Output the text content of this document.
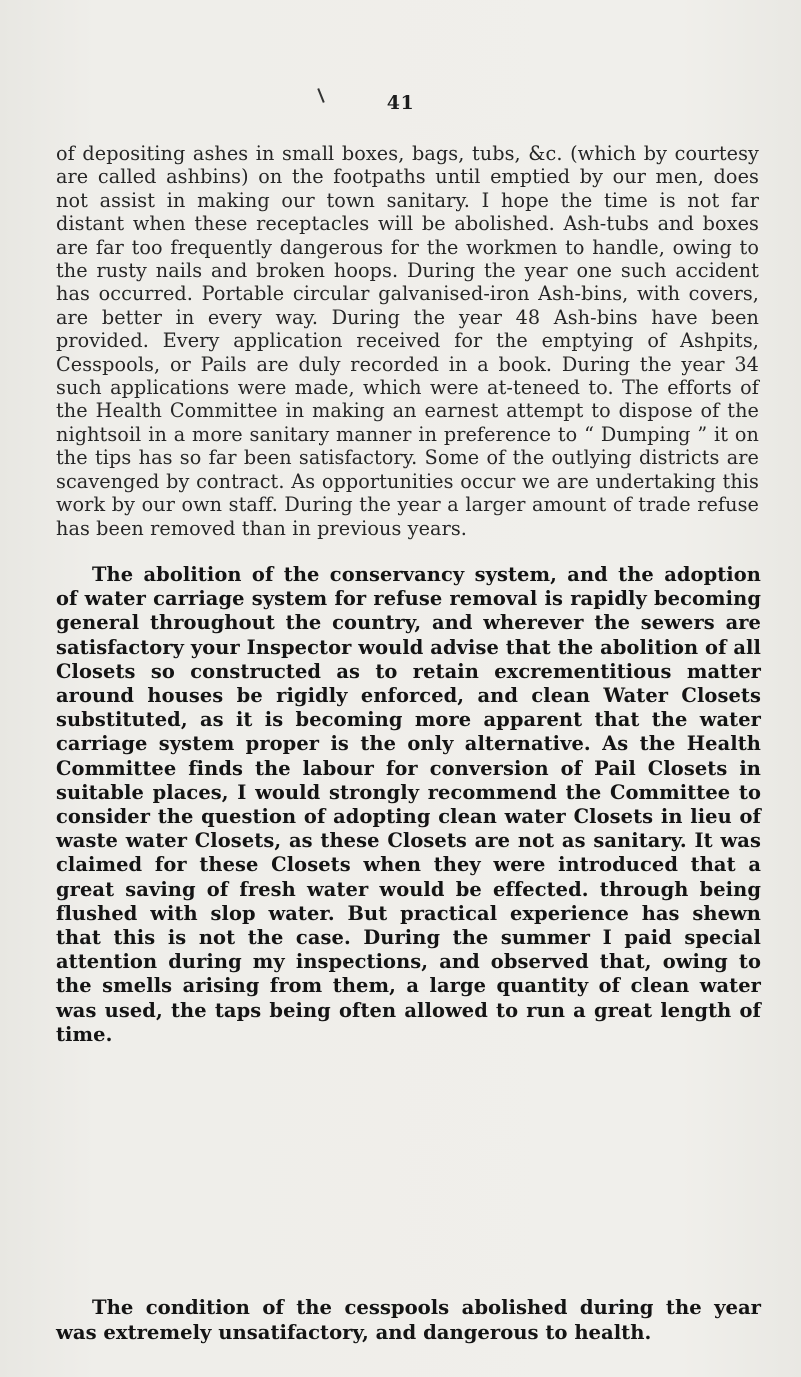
41

of depositing ashes in small boxes, bags, tubs, &c. (which by courtesy are called ashbins) on the footpaths until emptied by our men, does not assist in making our town sanitary. I hope the time is not far distant when these receptacles will be abolished. Ash-tubs and boxes are far too frequently dangerous for the workmen to handle, owing to the rusty nails and broken hoops. During the year one such accident has occurred. Portable circular galvanised-iron Ash-bins, with covers, are better in every way. During the year 48 Ash-bins have been provided. Every application received for the emptying of Ashpits, Cesspools, or Pails are duly recorded in a book. During the year 34 such applications were made, which were at-teneed to. The efforts of the Health Committee in making an earnest attempt to dispose of the nightsoil in a more sanitary manner in preference to “ Dumping ” it on the tips has so far been satisfactory. Some of the outlying districts are scavenged by contract. As opportunities occur we are undertaking this work by our own staff. During the year a larger amount of trade refuse has been removed than in previous years.

The abolition of the conservancy system, and the adoption of water carriage system for refuse removal is rapidly becoming general throughout the country, and wherever the sewers are satisfactory your Inspector would advise that the abolition of all Closets so constructed as to retain excrementitious matter around houses be rigidly enforced, and clean Water Closets substituted, as it is becoming more apparent that the water carriage system proper is the only alternative. As the Health Committee finds the labour for conversion of Pail Closets in suitable places, I would strongly recommend the Committee to consider the question of adopting clean water Closets in lieu of waste water Closets, as these Closets are not as sanitary. It was claimed for these Closets when they were introduced that a great saving of fresh water would be effected. through being flushed with slop water. But practical experience has shewn that this is not the case. During the summer I paid special attention during my inspections, and observed that, owing to the smells arising from them, a large quantity of clean water was used, the taps being often allowed to run a great length of time.

The condition of the cesspools abolished during the year was extremely unsatifactory, and dangerous to health.
